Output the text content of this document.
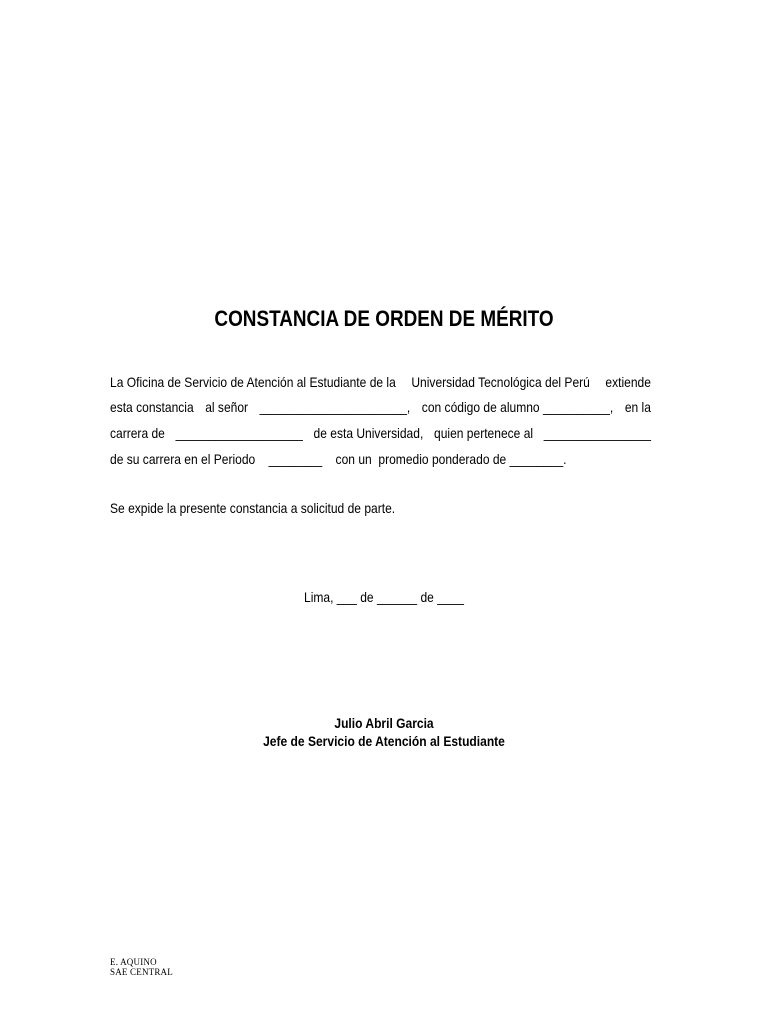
CONSTANCIA DE ORDEN DE MÉRITO
La Oficina de Servicio de Atención al Estudiante de la Universidad Tecnológica del Perú extiende
esta constancia al señor ______________________, con código de alumno __________, en la
carrera de ___________________ de esta Universidad, quien pertenece al ________________
de su carrera en el Periodo    ________    con un  promedio ponderado de ________.
Se expide la presente constancia a solicitud de parte.
Lima, ___ de ______ de ____
Julio Abril Garcia
Jefe de Servicio de Atención al Estudiante
E. AQUINO
SAE CENTRAL
